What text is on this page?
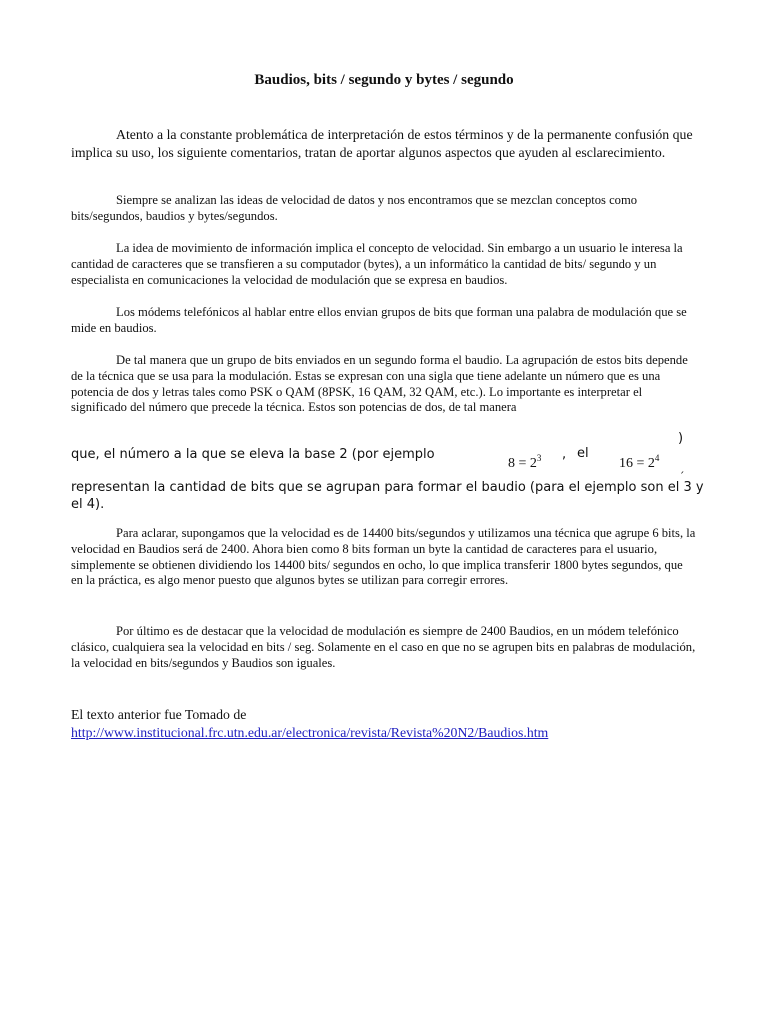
Baudios, bits / segundo y bytes / segundo

Atento a la constante problemática de interpretación de estos términos y de la permanente confusión que implica su uso, los siguiente comentarios, tratan de aportar algunos aspectos que ayuden al esclarecimiento.

Siempre se analizan las ideas de velocidad de datos y nos encontramos que se mezclan conceptos como bits/segundos, baudios y bytes/segundos.

La idea de movimiento de información implica el concepto de velocidad. Sin embargo a un usuario le interesa la cantidad de caracteres que se transfieren a su computador (bytes), a un informático la cantidad de bits/ segundo y un especialista en comunicaciones la velocidad de modulación que se expresa en baudios.

Los módems telefónicos al hablar entre ellos envian grupos de bits que forman una palabra de modulación que se mide en baudios.

De tal manera que un grupo de bits enviados en un segundo forma el baudio. La agrupación de estos bits depende de la técnica que se usa para la modulación. Estas se expresan con una sigla que tiene adelante un número que es una potencia de dos y letras tales como PSK o QAM (8PSK, 16 QAM, 32 QAM, etc.). Lo importante es interpretar el significado del número que precede la técnica. Estos son potencias de dos, de tal manera

que, el número a la que se eleva la base 2 (por ejemplo
$8 = 2^3$ , el
$16 = 2^4$
)
´

representan la cantidad de bits que se agrupan para formar el baudio (para el ejemplo son el 3 y el 4).

Para aclarar, supongamos que la velocidad es de 14400 bits/segundos y utilizamos una técnica que agrupe 6 bits, la velocidad en Baudios será de 2400. Ahora bien como 8 bits forman un byte la cantidad de caracteres para el usuario, simplemente se obtienen dividiendo los 14400 bits/ segundos en ocho, lo que implica transferir 1800 bytes segundos, que en la práctica, es algo menor puesto que algunos bytes se utilizan para corregir errores.

Por último es de destacar que la velocidad de modulación es siempre de 2400 Baudios, en un módem telefónico clásico, cualquiera sea la velocidad en bits / seg. Solamente en el caso en que no se agrupen bits en palabras de modulación, la velocidad en bits/segundos y Baudios son iguales.

El texto anterior fue Tomado de http://www.institucional.frc.utn.edu.ar/electronica/revista/Revista%20N2/Baudios.htm
